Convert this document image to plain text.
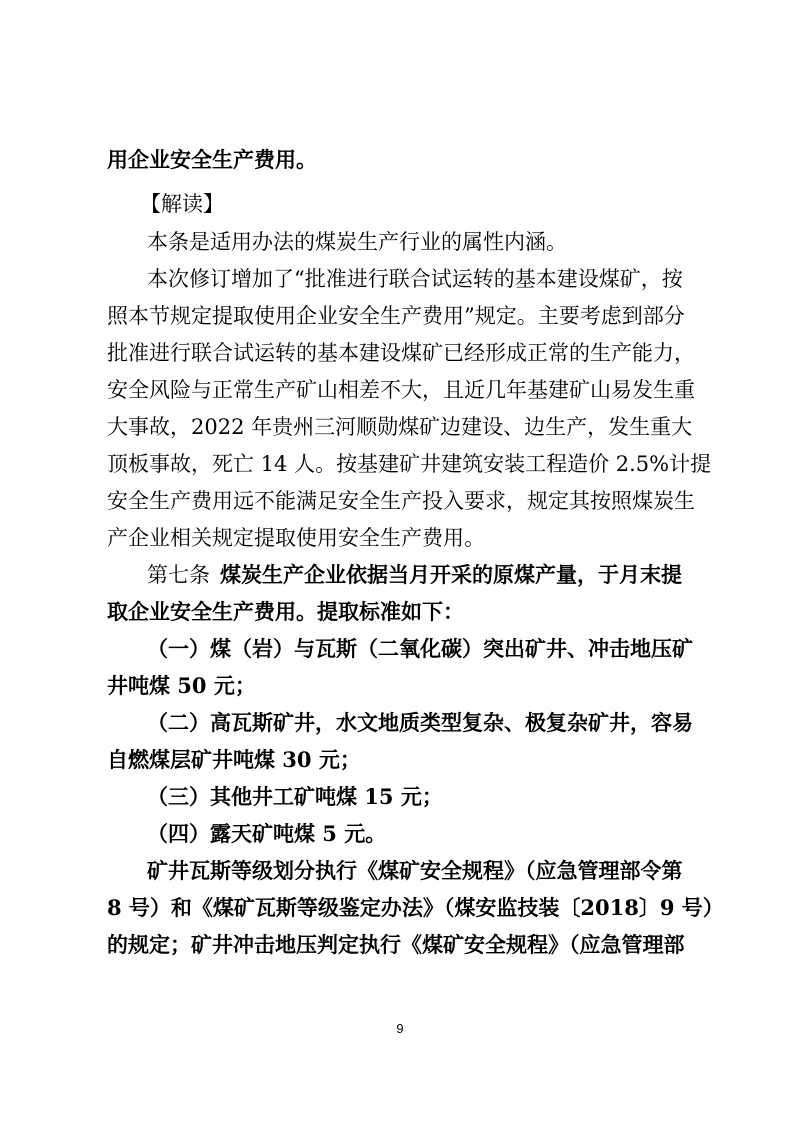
用企业安全生产费用。
【解读】
本条是适用办法的煤炭生产行业的属性内涵。
本次修订增加了“批准进行联合试运转的基本建设煤矿，按
照本节规定提取使用企业安全生产费用”规定。主要考虑到部分
批准进行联合试运转的基本建设煤矿已经形成正常的生产能力，
安全风险与正常生产矿山相差不大，且近几年基建矿山易发生重
大事故，2022 年贵州三河顺勋煤矿边建设、边生产，发生重大
顶板事故，死亡 14 人。按基建矿井建筑安装工程造价 2.5%计提
安全生产费用远不能满足安全生产投入要求，规定其按照煤炭生
产企业相关规定提取使用安全生产费用。
第七条 煤炭生产企业依据当月开采的原煤产量，于月末提
取企业安全生产费用。提取标准如下：
（一）煤（岩）与瓦斯（二氧化碳）突出矿井、冲击地压矿
井吨煤 50 元；
（二）高瓦斯矿井，水文地质类型复杂、极复杂矿井，容易
自燃煤层矿井吨煤 30 元；
（三）其他井工矿吨煤 15 元；
（四）露天矿吨煤 5 元。
矿井瓦斯等级划分执行《煤矿安全规程》（应急管理部令第
8 号）和《煤矿瓦斯等级鉴定办法》（煤安监技装〔2018〕9 号）
的规定；矿井冲击地压判定执行《煤矿安全规程》（应急管理部
9
